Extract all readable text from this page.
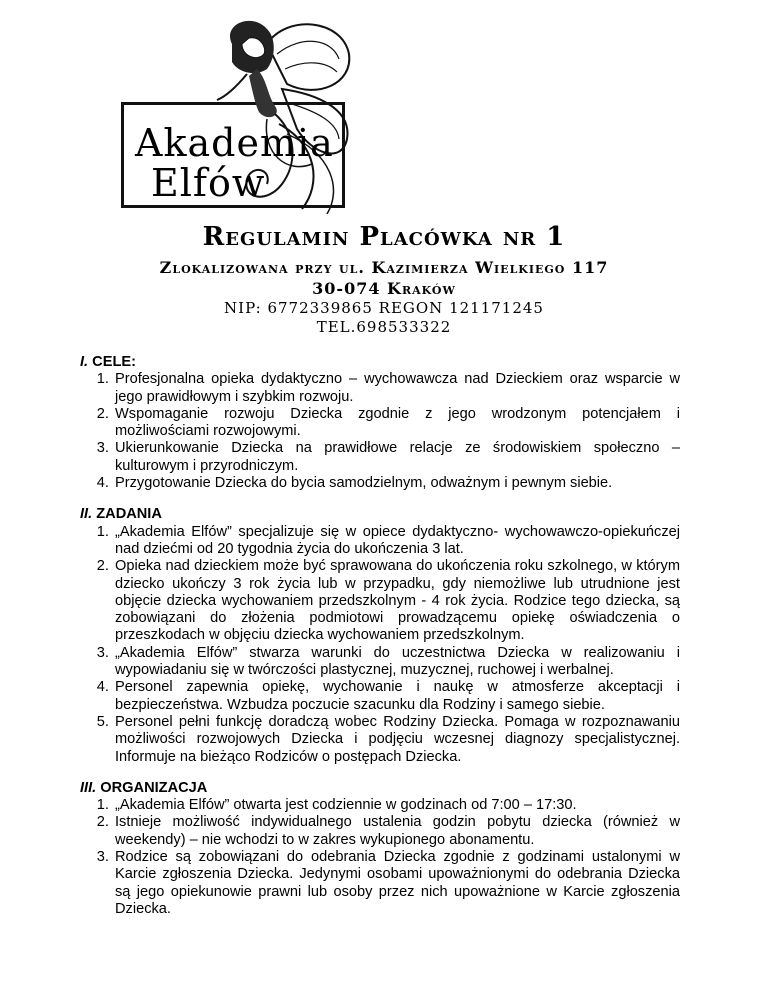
Akademia
Elfów
Regulamin Placówka nr 1
Zlokalizowana przy ul. Kazimierza Wielkiego 117
30-074 Kraków
NIP: 6772339865 REGON 121171245
TEL.698533322

I. CELE:

1. Profesjonalna opieka dydaktyczno – wychowawcza nad Dzieckiem oraz wsparcie w jego prawidłowym i szybkim rozwoju.
2. Wspomaganie rozwoju Dziecka zgodnie z jego wrodzonym potencjałem i możliwościami rozwojowymi.
3. Ukierunkowanie Dziecka na prawidłowe relacje ze środowiskiem społeczno – kulturowym i przyrodniczym.
4. Przygotowanie Dziecka do bycia samodzielnym, odważnym i pewnym siebie.

II. ZADANIA

1. „Akademia Elfów” specjalizuje się w opiece dydaktyczno- wychowawczo-opiekuńczej nad dziećmi od 20 tygodnia życia do ukończenia 3 lat.
2. Opieka nad dzieckiem może być sprawowana do ukończenia roku szkolnego, w którym dziecko ukończy 3 rok życia lub w przypadku, gdy niemożliwe lub utrudnione jest objęcie dziecka wychowaniem przedszkolnym - 4 rok życia. Rodzice tego dziecka, są zobowiązani do złożenia podmiotowi prowadzącemu opiekę oświadczenia o przeszkodach w objęciu dziecka wychowaniem przedszkolnym.
3. „Akademia Elfów” stwarza warunki do uczestnictwa Dziecka w realizowaniu i wypowiadaniu się w twórczości plastycznej, muzycznej, ruchowej i werbalnej.
4. Personel zapewnia opiekę, wychowanie i naukę w atmosferze akceptacji i bezpieczeństwa. Wzbudza poczucie szacunku dla Rodziny i samego siebie.
5. Personel pełni funkcję doradczą wobec Rodziny Dziecka. Pomaga w rozpoznawaniu możliwości rozwojowych Dziecka i podjęciu wczesnej diagnozy specjalistycznej. Informuje na bieżąco Rodziców o postępach Dziecka.

III. ORGANIZACJA

1. „Akademia Elfów” otwarta jest codziennie w godzinach od 7:00 – 17:30.
2. Istnieje możliwość indywidualnego ustalenia godzin pobytu dziecka (również w weekendy) – nie wchodzi to w zakres wykupionego abonamentu.
3. Rodzice są zobowiązani do odebrania Dziecka zgodnie z godzinami ustalonymi w Karcie zgłoszenia Dziecka. Jedynymi osobami upoważnionymi do odebrania Dziecka są jego opiekunowie prawni lub osoby przez nich upoważnione w Karcie zgłoszenia Dziecka.
